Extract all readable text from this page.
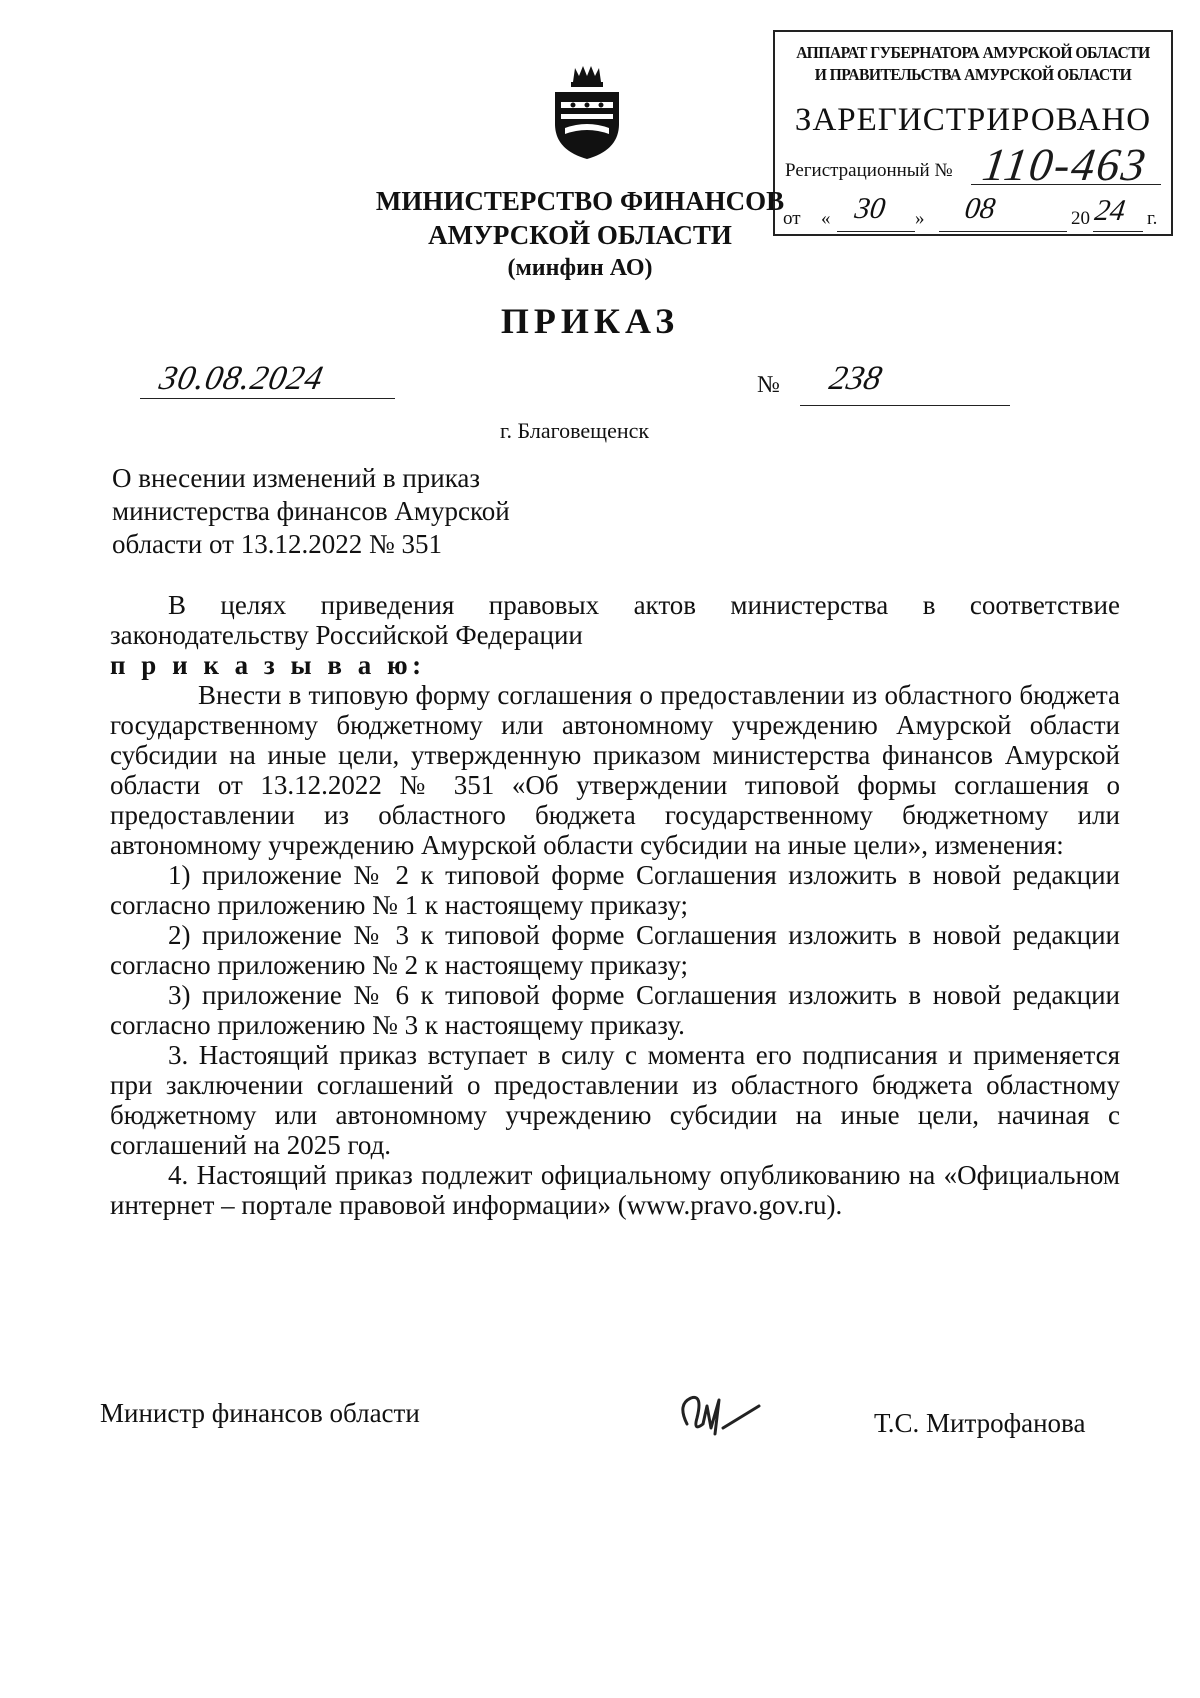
АППАРАТ ГУБЕРНАТОРА АМУРСКОЙ ОБЛАСТИ
И ПРАВИТЕЛЬСТВА АМУРСКОЙ ОБЛАСТИ
ЗАРЕГИСТРИРОВАНО
Регистрационный № 110-463
от « 30 » 08	20 24 г.
МИНИСТЕРСТВО ФИНАНСОВ
АМУРСКОЙ ОБЛАСТИ
(минфин АО)
ПРИКАЗ
30.08.2024	№ 238
г. Благовещенск
О внесении изменений в приказ
министерства финансов Амурской
области от 13.12.2022 № 351

В целях приведения правовых актов министерства в соответствие законодательству Российской Федерации

п р и к а з ы в а ю:

Внести в типовую форму соглашения о предоставлении из областного бюджета государственному бюджетному или автономному учреждению Амурской области субсидии на иные цели, утвержденную приказом министерства финансов Амурской области от 13.12.2022 № 351 «Об утверждении типовой формы соглашения о предоставлении из областного бюджета государственному бюджетному или автономному учреждению Амурской области субсидии на иные цели», изменения:

1) приложение № 2 к типовой форме Соглашения изложить в новой редакции согласно приложению № 1 к настоящему приказу;

2) приложение № 3 к типовой форме Соглашения изложить в новой редакции согласно приложению № 2 к настоящему приказу;

3) приложение № 6 к типовой форме Соглашения изложить в новой редакции согласно приложению № 3 к настоящему приказу.

3. Настоящий приказ вступает в силу с момента его подписания и применяется при заключении соглашений о предоставлении из областного бюджета областному бюджетному или автономному учреждению субсидии на иные цели, начиная с соглашений на 2025 год.

4. Настоящий приказ подлежит официальному опубликованию на «Официальном интернет – портале правовой информации» (www.pravo.gov.ru).

Министр финансов области	Т.С. Митрофанова
